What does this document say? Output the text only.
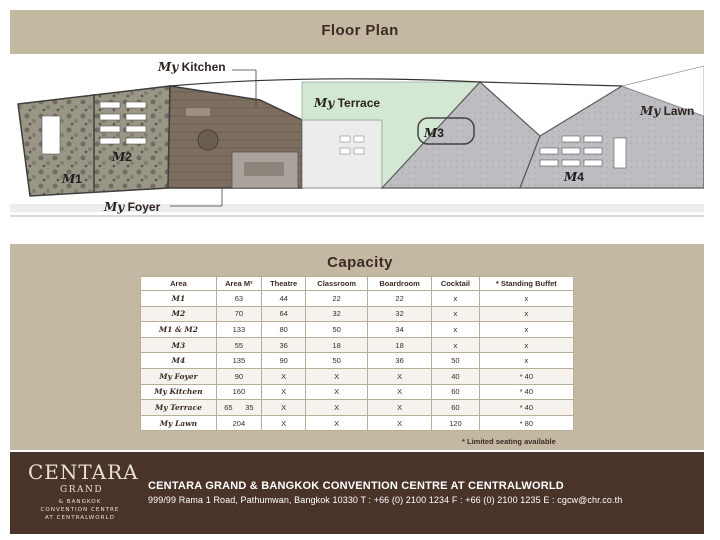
Floor Plan
My Kitchen
My Terrace
My Lawn
My Foyer
M1
M2
M3
M4
Capacity
Area	Area M²	Theatre	Classroom	Boardroom	Cocktail	* Standing Buffet
M1	63	44	22	22	x	x
M2	70	64	32	32	x	x
M1 & M2	133	80	50	34	x	x
M3	55	36	18	18	x	x
M4	135	90	50	36	50	x
My Foyer	90	X	X	X	40	* 40
My Kitchen	160	X	X	X	60	* 40
My Terrace	65 35	X	X	X	60	* 40
My Lawn	204	X	X	X	120	* 80
* Limited seating available
CENTARA
GRAND
& BANGKOK
CONVENTION CENTRE
AT CENTRALWORLD
CENTARA GRAND & BANGKOK CONVENTION CENTRE AT CENTRALWORLD
999/99 Rama 1 Road, Pathumwan, Bangkok 10330 T : +66 (0) 2100 1234 F : +66 (0) 2100 1235 E : cgcw@chr.co.th
